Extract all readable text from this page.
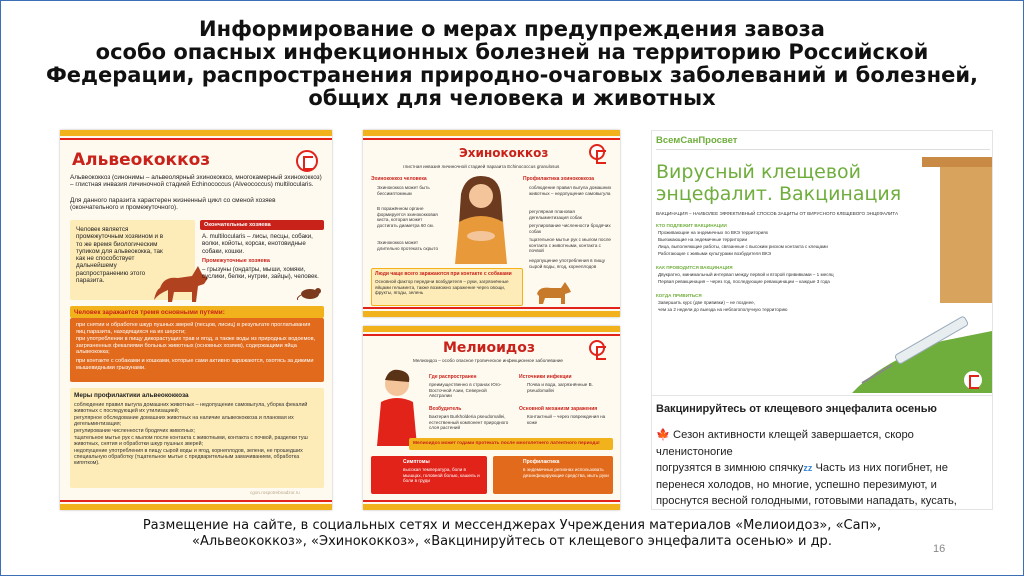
Информирование о мерах предупреждения завоза
особо опасных инфекционных болезней на территорию Российской
Федерации, распространения природно-очаговых заболеваний и болезней,
общих для человека и животных
Альвеококкоз
Альвеококкоз (синонимы – альвеолярный эхинококкоз, многокамерный эхинококкоз) – глистная инвазия личиночной стадией Echinococcus (Alveococcus) multilocularis.
Для данного паразита характерен жизненный цикл со сменой хозяев (окончательного и промежуточного).
Человек является промежуточным хозяином и в то же время биологическим тупиком для альвеококка, так как не способствует дальнейшему распространению этого паразита.
Окончательные хозяева
A. multilocularis – лисы, песцы, собаки, волки, койоты, корсак, енотовидные собаки, кошки.
Промежуточные хозяева
– грызуны (ондатры, мыши, хомяки, суслики, белки, нутрии, зайцы), человек.
Человек заражается тремя основными путями:
при снятии и обработке шкур пушных зверей (песцов, лисиц) в результате проглатывания яиц паразита, находящихся на их шерсти;
при употреблении в пищу дикорастущих трав и ягод, а также воды из природных водоемов, загрязненных фекалиями больных животных (основных хозяев), содержащими яйца альвеококка;
при контакте с собаками и кошками, которые сами активно заражаются, охотясь за дикими мышевидными грызунами.
Меры профилактики альвеококкоза
соблюдение правил выгула домашних животных – недопущение самовыгула, уборка фекалий животных с последующей их утилизацией;
регулярное обследование домашних животных на наличие альвеококкоза и плановая их дегельминтизация;
регулирование численности бродячих животных;
тщательное мытье рук с мылом после контакта с животными, контакта с почвой, разделки туш животных, снятия и обработки шкур пушных зверей;
недопущение употребления в пищу сырой воды и ягод, корнеплодов, зелени, не прошедших специальную обработку (тщательное мытье с предварительным замачиванием, обработка кипятком).
cgon.rospotrebnadzor.ru
Эхинококкоз
глистная инвазия личиночной стадией паразита Echinococcus granulosus
Эхинококкоз человека
Эхинококкоз может быть бессимптомным
В поражённом органе формируется эхинококковая киста, которая может достигать диаметра 60 см.
Эхинококкоз может длительно протекать скрыто
Профилактика эхинококкоза
соблюдение правил выгула домашних животных – недопущение самовыгула
регулярная плановая дегельминтизация собак
регулирование численности бродячих собак
тщательное мытье рук с мылом после контакта с животными, контакта с почвой
недопущение употребления в пищу сырой воды, ягод, корнеплодов
Люди чаще всего заражаются при контакте с собаками
Основной фактор передачи возбудителя – руки, загрязнённые яйцами гельминта, также возможно заражение через овощи, фрукты, ягоды, зелень
Мелиоидоз
Мелиоидоз – особо опасное тропическое инфекционное заболевание
Где распространен
преимущественно в странах Юго-Восточной Азии, Северной Австралии
Возбудитель
Бактерия Burkholderia pseudomallei, естественный компонент природного слоя растений
Источники инфекции
Почва и вода, загрязнённые B. pseudomallei
Основной механизм заражения
Контактный – через повреждения на коже
Мелиоидоз может годами протекать после многолетнего латентного периода!
Симптомы
высокая температура, боли в мышцах, головной болью, кашель и боли в груди
Профилактика
в эндемичных регионах использовать дезинфицирующие средства, мыть руки
ВсемСанПросвет
Вирусный клещевой
энцефалит. Вакцинация
ВАКЦИНАЦИЯ – НАИБОЛЕЕ ЭФФЕКТИВНЫЙ СПОСОБ ЗАЩИТЫ ОТ ВИРУСНОГО КЛЕЩЕВОГО ЭНЦЕФАЛИТА
КТО ПОДЛЕЖИТ ВАКЦИНАЦИИ
Проживающие на эндемичных по ВКЭ территориях
Выезжающие на эндемичные территории
Лица, выполняющие работы, связанные с высоким риском контакта с клещами
Работающие с живыми культурами возбудителя ВКЭ
КАК ПРОВОДИТСЯ ВАКЦИНАЦИЯ
Двукратно, минимальный интервал между первой и второй прививками – 1 месяц
Первая ревакцинация – через год, последующие ревакцинации – каждые 3 года
КОГДА ПРИВИТЬСЯ
Завершить курс (две прививки) – не позднее,
чем за 2 недели до выезда на неблагополучную территорию
Вакцинируйтесь от клещевого энцефалита осенью
🍁 Сезон активности клещей завершается, скоро членистоногие
погрузятся в зимнюю спячкуzz Часть из них погибнет, не
перенеся холодов, но многие, успешно перезимуют, и
проснутся весной голодными, готовыми нападать, кусать,
Размещение на сайте, в социальных сетях и мессенджерах Учреждения материалов «Мелиоидоз», «Сап»,
«Альвеококкоз», «Эхинококкоз», «Вакцинируйтесь от клещевого энцефалита осенью» и др.	16
